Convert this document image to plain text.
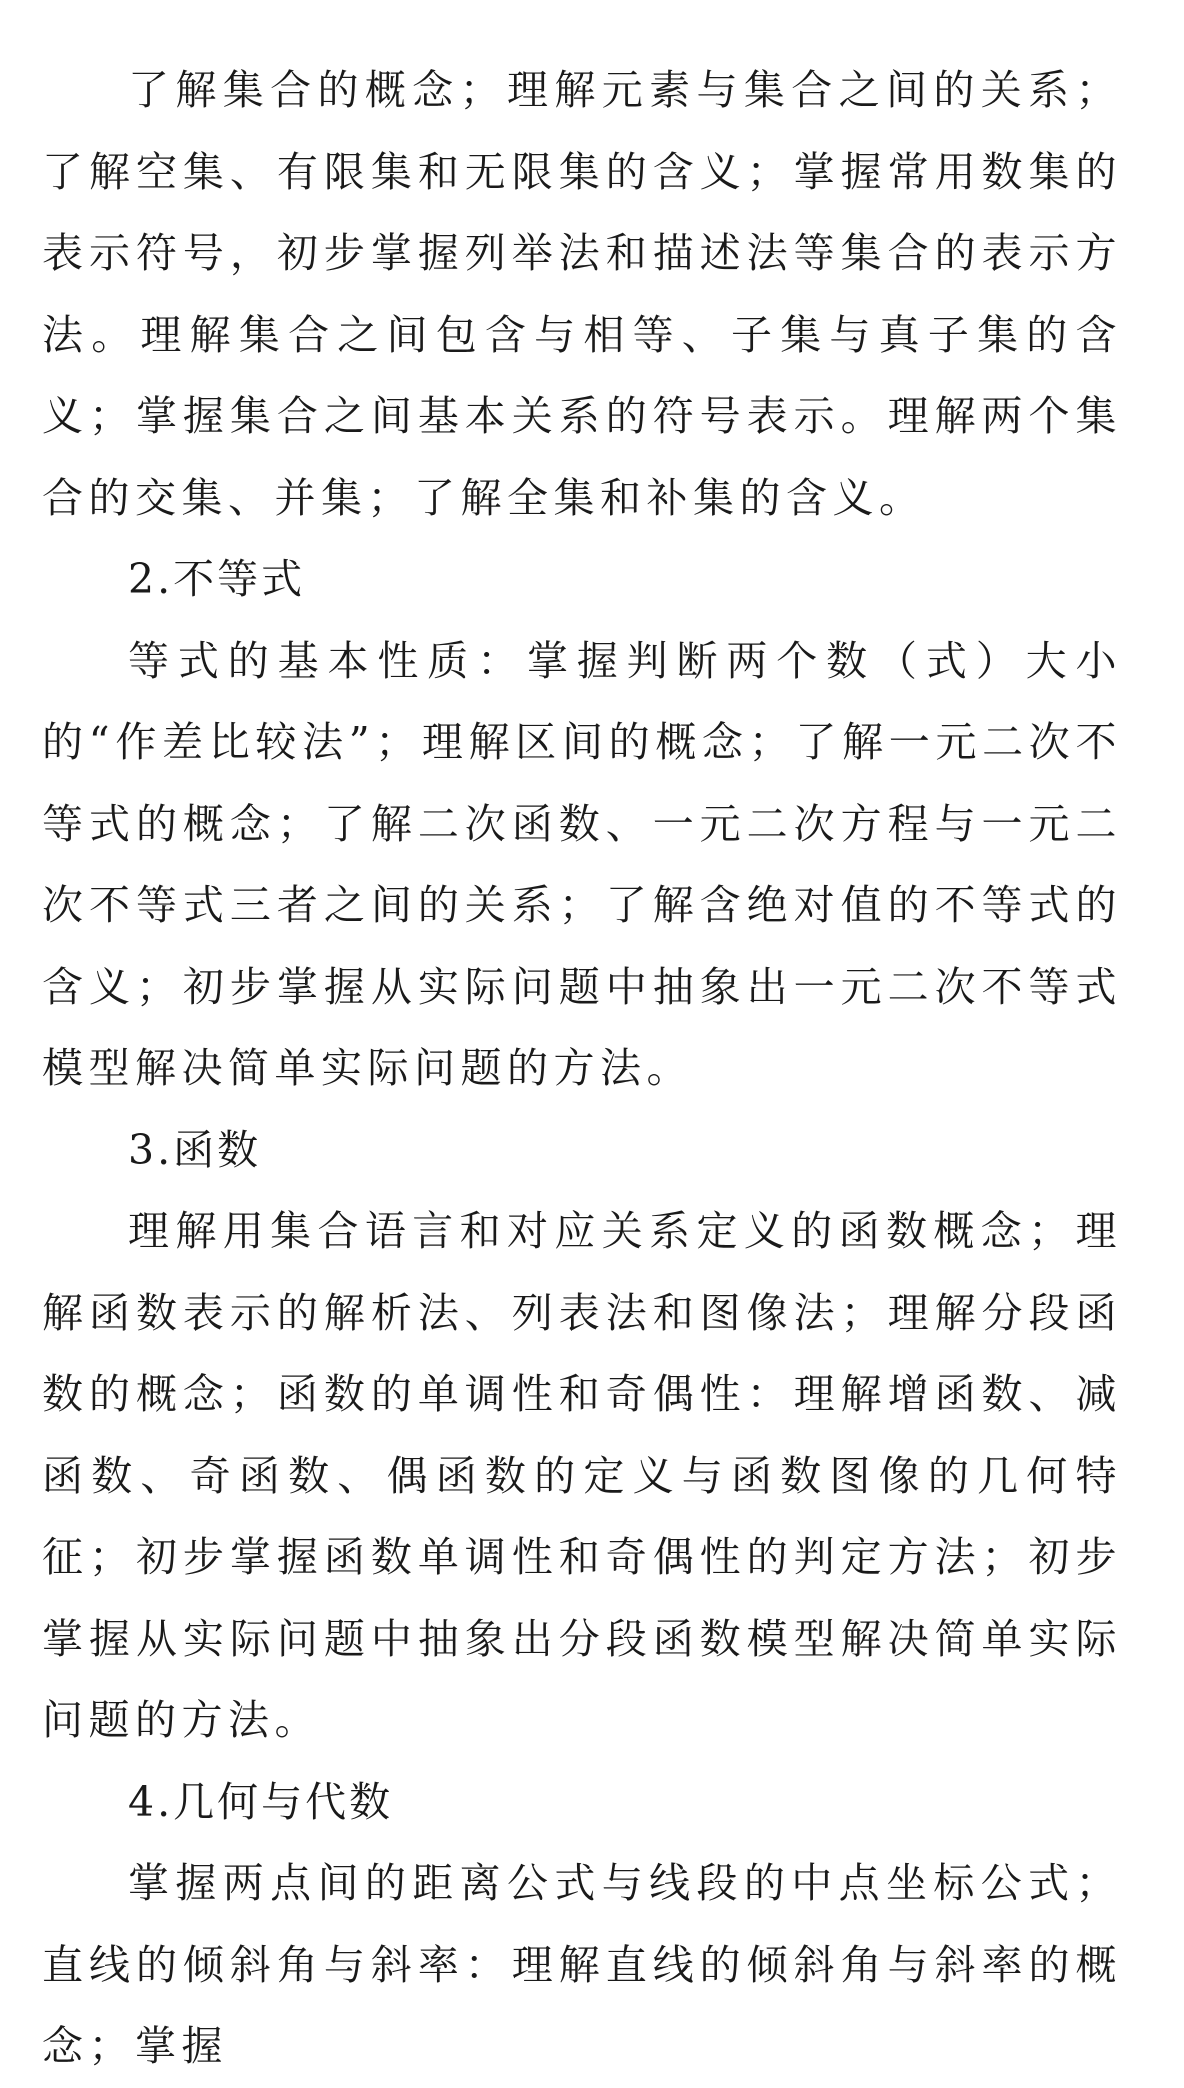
了解集合的概念；理解元素与集合之间的关系；了解空集、有限集和无限集的含义；掌握常用数集的表示符号，初步掌握列举法和描述法等集合的表示方法。理解集合之间包含与相等、子集与真子集的含义；掌握集合之间基本关系的符号表示。理解两个集合的交集、并集；了解全集和补集的含义。

2.不等式

等式的基本性质：掌握判断两个数（式）大小的“作差比较法”；理解区间的概念；了解一元二次不等式的概念；了解二次函数、一元二次方程与一元二次不等式三者之间的关系；了解含绝对值的不等式的含义；初步掌握从实际问题中抽象出一元二次不等式模型解决简单实际问题的方法。

3.函数

理解用集合语言和对应关系定义的函数概念；理解函数表示的解析法、列表法和图像法；理解分段函数的概念；函数的单调性和奇偶性：理解增函数、减函数、奇函数、偶函数的定义与函数图像的几何特征；初步掌握函数单调性和奇偶性的判定方法；初步掌握从实际问题中抽象出分段函数模型解决简单实际问题的方法。

4.几何与代数

掌握两点间的距离公式与线段的中点坐标公式；直线的倾斜角与斜率：理解直线的倾斜角与斜率的概念；掌握
